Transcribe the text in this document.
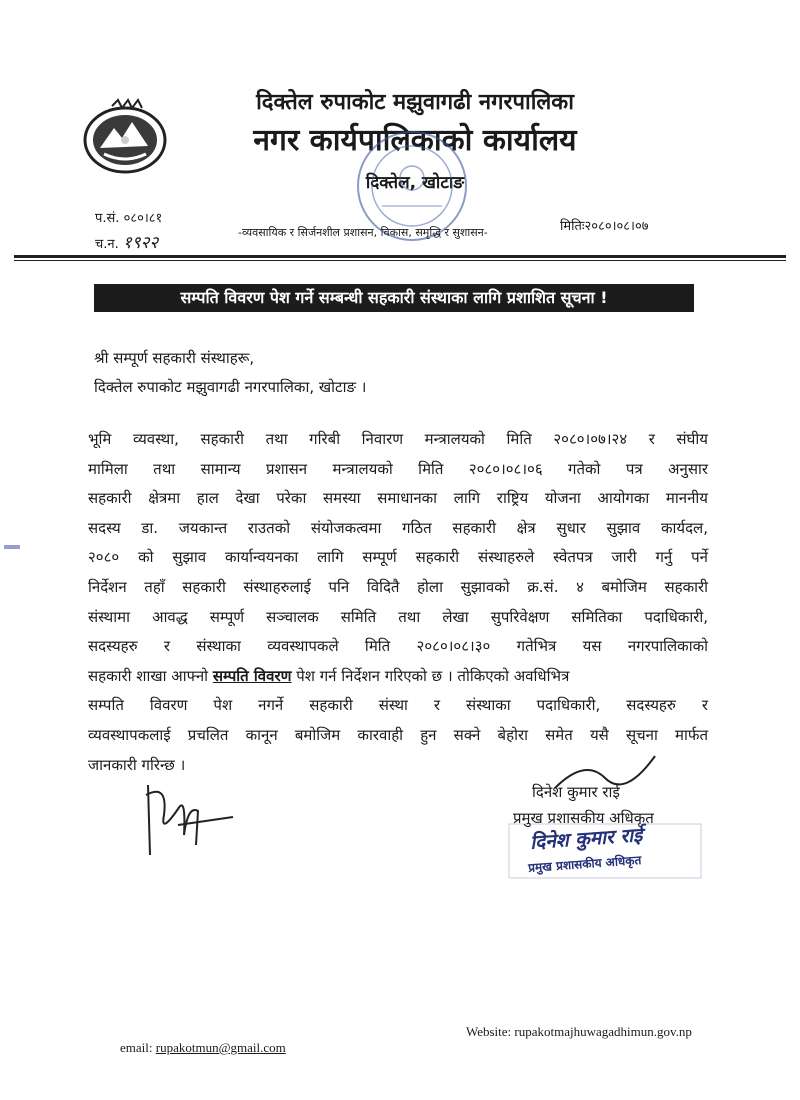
दिक्तेल रुपाकोट मझुवागढी नगरपालिका
नगर कार्यपालिकाको कार्यालय
दिक्तेल, खोटाङ
प.सं. ०८०।८१
च.न. १९२२
-व्यवसायिक र सिर्जनशील प्रशासन, विकास, समृद्धि र सुशासन-	मितिः२०८०।०८।०७
सम्पति विवरण पेश गर्ने सम्बन्धी सहकारी संस्थाका लागि प्रशाशित सूचना !
श्री सम्पूर्ण सहकारी संस्थाहरू,
दिक्तेल रुपाकोट मझुवागढी नगरपालिका, खोटाङ ।
भूमि व्यवस्था, सहकारी तथा गरिबी निवारण मन्त्रालयको मिति २०८०।०७।२४ र संघीय
मामिला तथा सामान्य प्रशासन मन्त्रालयको मिति २०८०।०८।०६ गतेको पत्र अनुसार
सहकारी क्षेत्रमा हाल देखा परेका समस्या समाधानका लागि राष्ट्रिय योजना आयोगका माननीय
सदस्य डा. जयकान्त राउतको संयोजकत्वमा गठित सहकारी क्षेत्र सुधार सुझाव कार्यदल,
२०८० को सुझाव कार्यान्वयनका लागि सम्पूर्ण सहकारी संस्थाहरुले स्वेतपत्र जारी गर्नु पर्ने
निर्देशन तहाँ सहकारी संस्थाहरुलाई पनि विदितै होला सुझावको क्र.सं. ४ बमोजिम सहकारी
संस्थामा आवद्ध सम्पूर्ण सञ्चालक समिति तथा लेखा सुपरिवेक्षण समितिका पदाधिकारी,
सदस्यहरु र संस्थाका व्यवस्थापकले मिति २०८०।०८।३० गतेभित्र यस नगरपालिकाको
सहकारी शाखा आफ्नो सम्पति विवरण पेश गर्न निर्देशन गरिएको छ । तोकिएको अवधिभित्र
सम्पति विवरण पेश नगर्ने सहकारी संस्था र संस्थाका पदाधिकारी, सदस्यहरु र
व्यवस्थापकलाई प्रचलित कानून बमोजिम कारवाही हुन सक्ने बेहोरा समेत यसै सूचना मार्फत
जानकारी गरिन्छ ।
दिनेश कुमार राई
प्रमुख प्रशासकीय अधिकृत
दिनेश कुमार राई
प्रमुख प्रशासकीय अधिकृत
email: rupakotmun@gmail.com
Website: rupakotmajhuwagadhimun.gov.np
